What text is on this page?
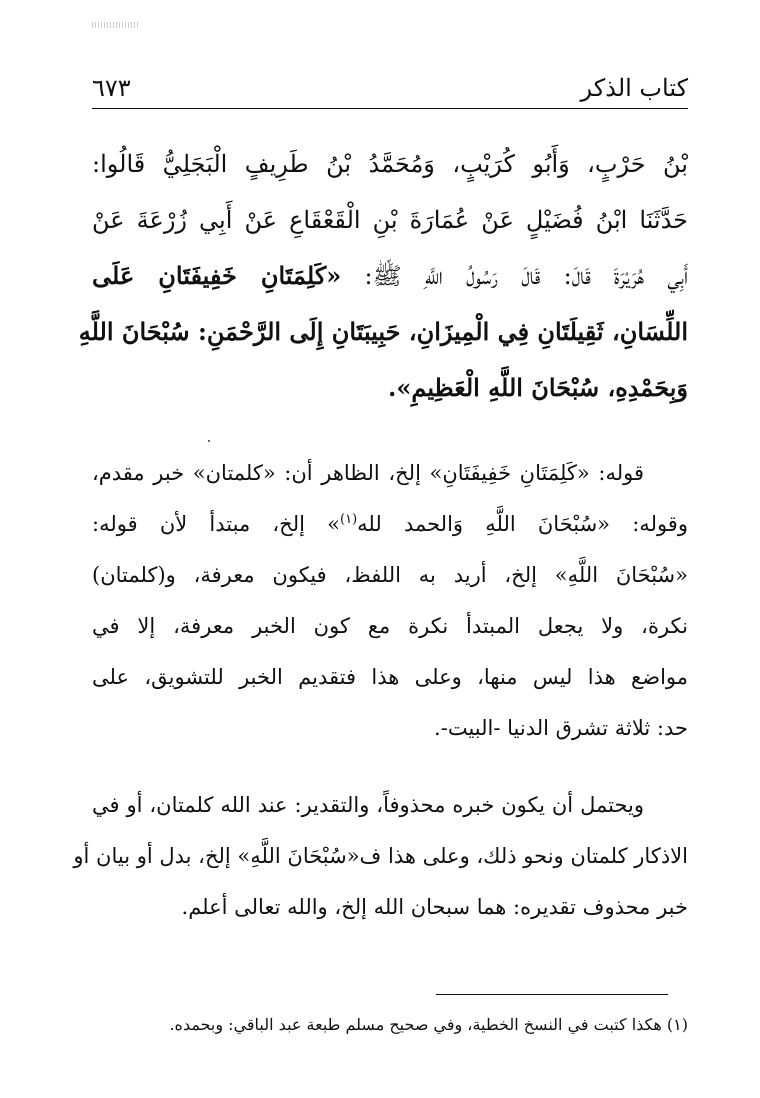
كتاب الذكر
٦٧٣
بْنُ حَرْبٍ، وَأَبُو كُرَيْبٍ، وَمُحَمَّدُ بْنُ طَرِيفٍ الْبَجَلِيُّ قَالُوا:
حَدَّثَنَا ابْنُ فُضَيْلٍ عَنْ عُمَارَةَ بْنِ الْقَعْقَاعِ عَنْ أَبِي زُرْعَةَ عَنْ
أَبِي هُرَيْرَةَ قَالَ: قَالَ رَسُولُ اللَّهِ ﷺ: «كَلِمَتَانِ خَفِيفَتَانِ عَلَى
اللِّسَانِ، ثَقِيلَتَانِ فِي الْمِيزَانِ، حَبِيبَتَانِ إِلَى الرَّحْمَنِ: سُبْحَانَ اللَّهِ
وَبِحَمْدِهِ، سُبْحَانَ اللَّهِ الْعَظِيمِ».
قوله: «كَلِمَتَانِ خَفِيفَتَانِ» إلخ، الظاهر أن: «كلمتان» خبر مقدم،
وقوله: «سُبْحَانَ اللَّهِ وَالحمد لله$^{(١)}$» إلخ، مبتدأ لأن قوله:
«سُبْحَانَ اللَّهِ» إلخ، أريد به اللفظ، فيكون معرفة، و(كلمتان)
نكرة، ولا يجعل المبتدأ نكرة مع كون الخبر معرفة، إلا في
مواضع هذا ليس منها، وعلى هذا فتقديم الخبر للتشويق، على
حد: ثلاثة تشرق الدنيا -البيت-.
ويحتمل أن يكون خبره محذوفاً، والتقدير: عند الله كلمتان، أو في
الاذكار كلمتان ونحو ذلك، وعلى هذا ف«سُبْحَانَ اللَّهِ» إلخ، بدل أو بيان أو
خبر محذوف تقديره: هما سبحان الله إلخ، والله تعالى أعلم.
(١) هكذا كتبت في النسخ الخطية، وفي صحيح مسلم طبعة عبد الباقي: وبحمده.
